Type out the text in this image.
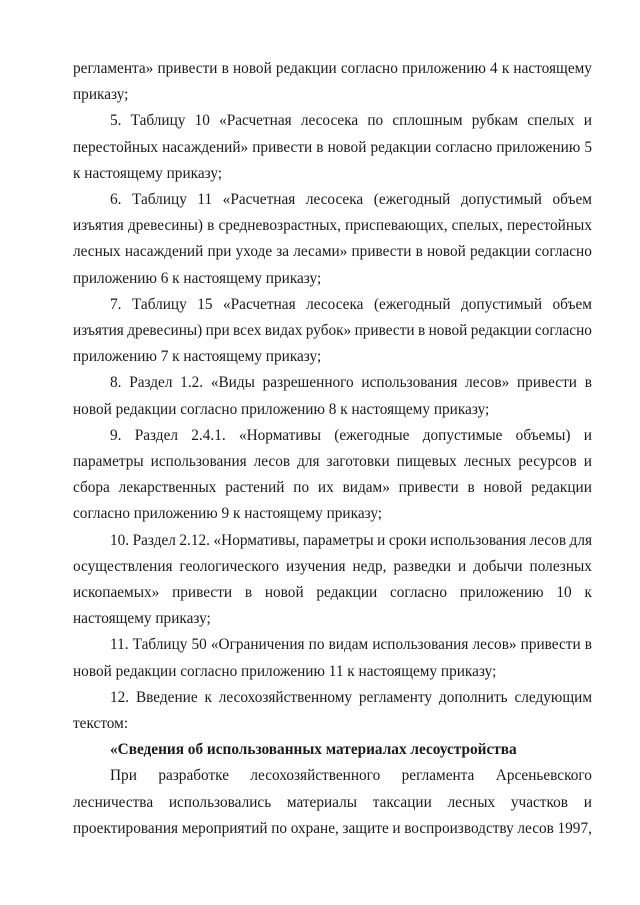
регламента» привести в новой редакции согласно приложению 4 к настоящему
приказу;
5. Таблицу 10 «Расчетная лесосека по сплошным рубкам спелых и
перестойных насаждений» привести в новой редакции согласно приложению 5
к настоящему приказу;
6. Таблицу 11 «Расчетная лесосека (ежегодный допустимый объем
изъятия древесины) в средневозрастных, приспевающих, спелых, перестойных
лесных насаждений при уходе за лесами» привести в новой редакции согласно
приложению 6 к настоящему приказу;
7. Таблицу 15 «Расчетная лесосека (ежегодный допустимый объем
изъятия древесины) при всех видах рубок» привести в новой редакции согласно
приложению 7 к настоящему приказу;
8. Раздел 1.2. «Виды разрешенного использования лесов» привести в
новой редакции согласно приложению 8 к настоящему приказу;
9. Раздел 2.4.1. «Нормативы (ежегодные допустимые объемы) и
параметры использования лесов для заготовки пищевых лесных ресурсов и
сбора лекарственных растений по их видам» привести в новой редакции
согласно приложению 9 к настоящему приказу;
10. Раздел 2.12. «Нормативы, параметры и сроки использования лесов для
осуществления геологического изучения недр, разведки и добычи полезных
ископаемых» привести в новой редакции согласно приложению 10 к
настоящему приказу;
11. Таблицу 50 «Ограничения по видам использования лесов» привести в
новой редакции согласно приложению 11 к настоящему приказу;
12. Введение к лесохозяйственному регламенту дополнить следующим
текстом:
«Сведения об использованных материалах лесоустройства
При разработке лесохозяйственного регламента Арсеньевского
лесничества использовались материалы таксации лесных участков и
проектирования мероприятий по охране, защите и воспроизводству лесов 1997,
